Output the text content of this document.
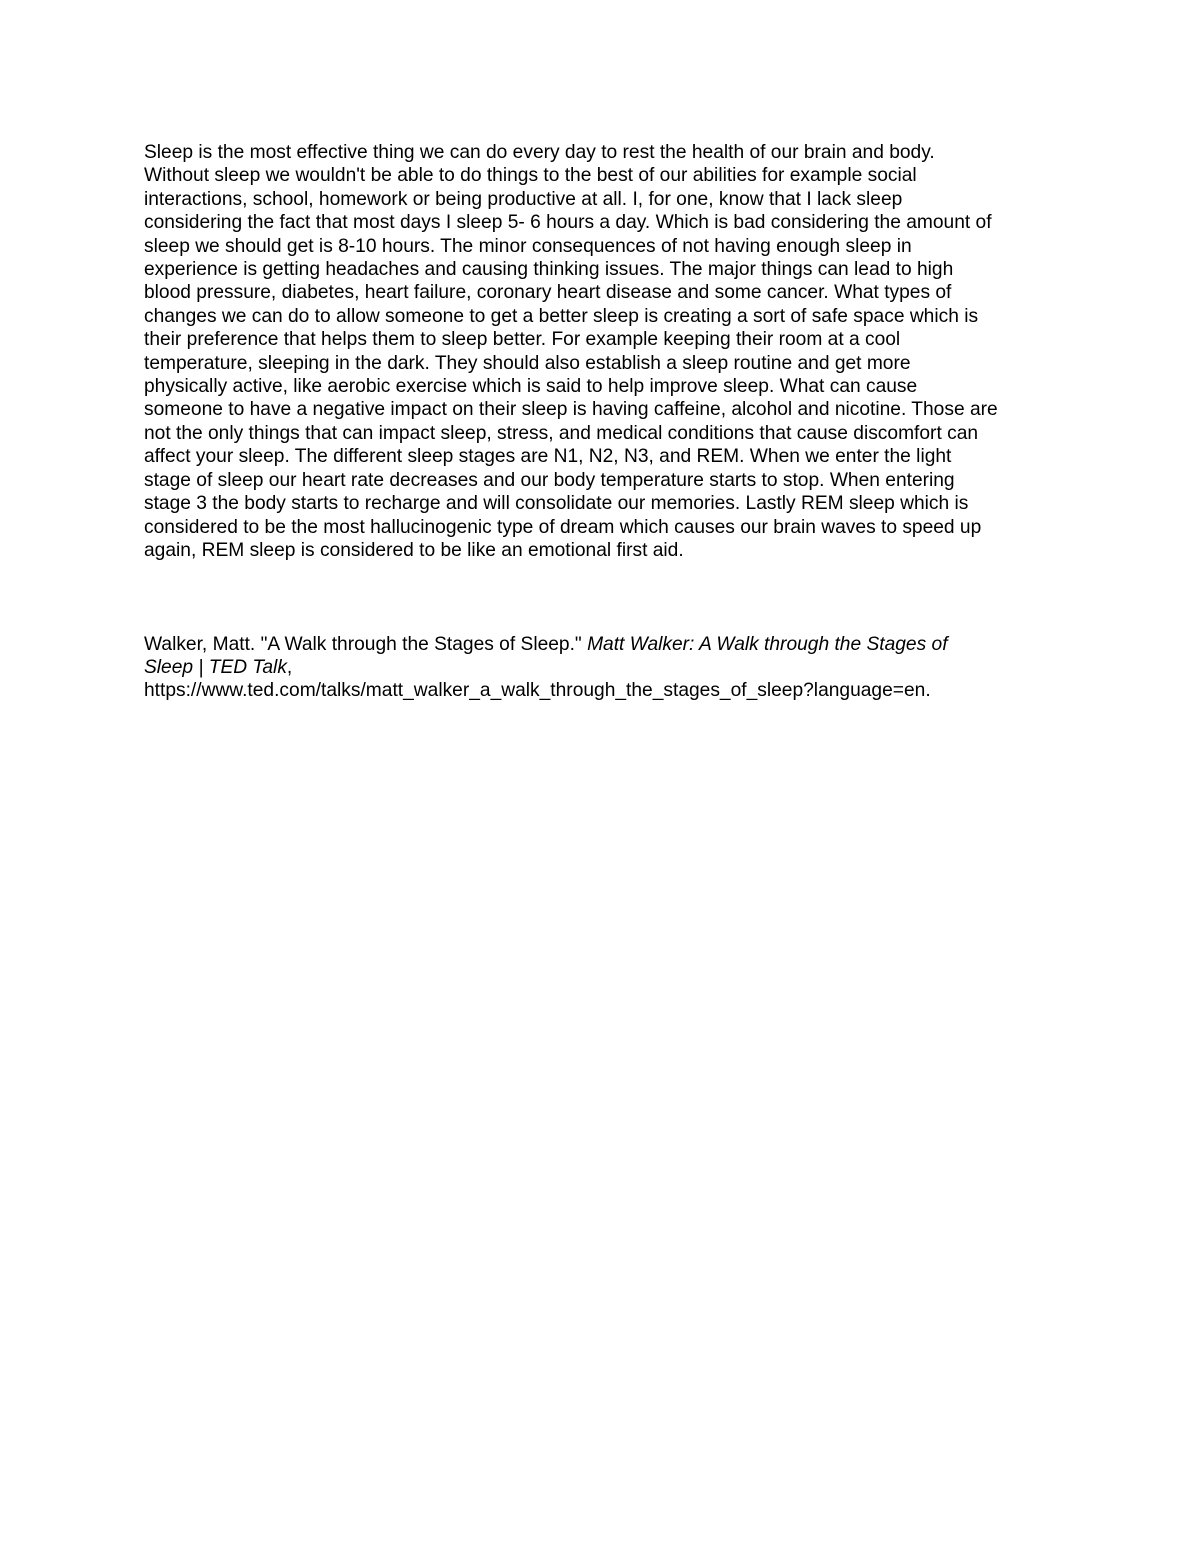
Sleep is the most effective thing we can do every day to rest the health of our brain and body.
Without sleep we wouldn't be able to do things to the best of our abilities for example social
interactions, school, homework or being productive at all. I, for one, know that I lack sleep
considering the fact that most days I sleep 5- 6 hours a day. Which is bad considering the amount of
sleep we should get is 8-10 hours. The minor consequences of not having enough sleep in
experience is getting headaches and causing thinking issues. The major things can lead to high
blood pressure, diabetes, heart failure, coronary heart disease and some cancer. What types of
changes we can do to allow someone to get a better sleep is creating a sort of safe space which is
their preference that helps them to sleep better. For example keeping their room at a cool
temperature, sleeping in the dark. They should also establish a sleep routine and get more
physically active, like aerobic exercise which is said to help improve sleep. What can cause
someone to have a negative impact on their sleep is having caffeine, alcohol and nicotine. Those are
not the only things that can impact sleep, stress, and medical conditions that cause discomfort can
affect your sleep. The different sleep stages are N1, N2, N3, and REM. When we enter the light
stage of sleep our heart rate decreases and our body temperature starts to stop. When entering
stage 3 the body starts to recharge and will consolidate our memories. Lastly REM sleep which is
considered to be the most hallucinogenic type of dream which causes our brain waves to speed up
again, REM sleep is considered to be like an emotional first aid.
Walker, Matt. "A Walk through the Stages of Sleep." Matt Walker: A Walk through the Stages of
Sleep | TED Talk,
https://www.ted.com/talks/matt_walker_a_walk_through_the_stages_of_sleep?language=en.
